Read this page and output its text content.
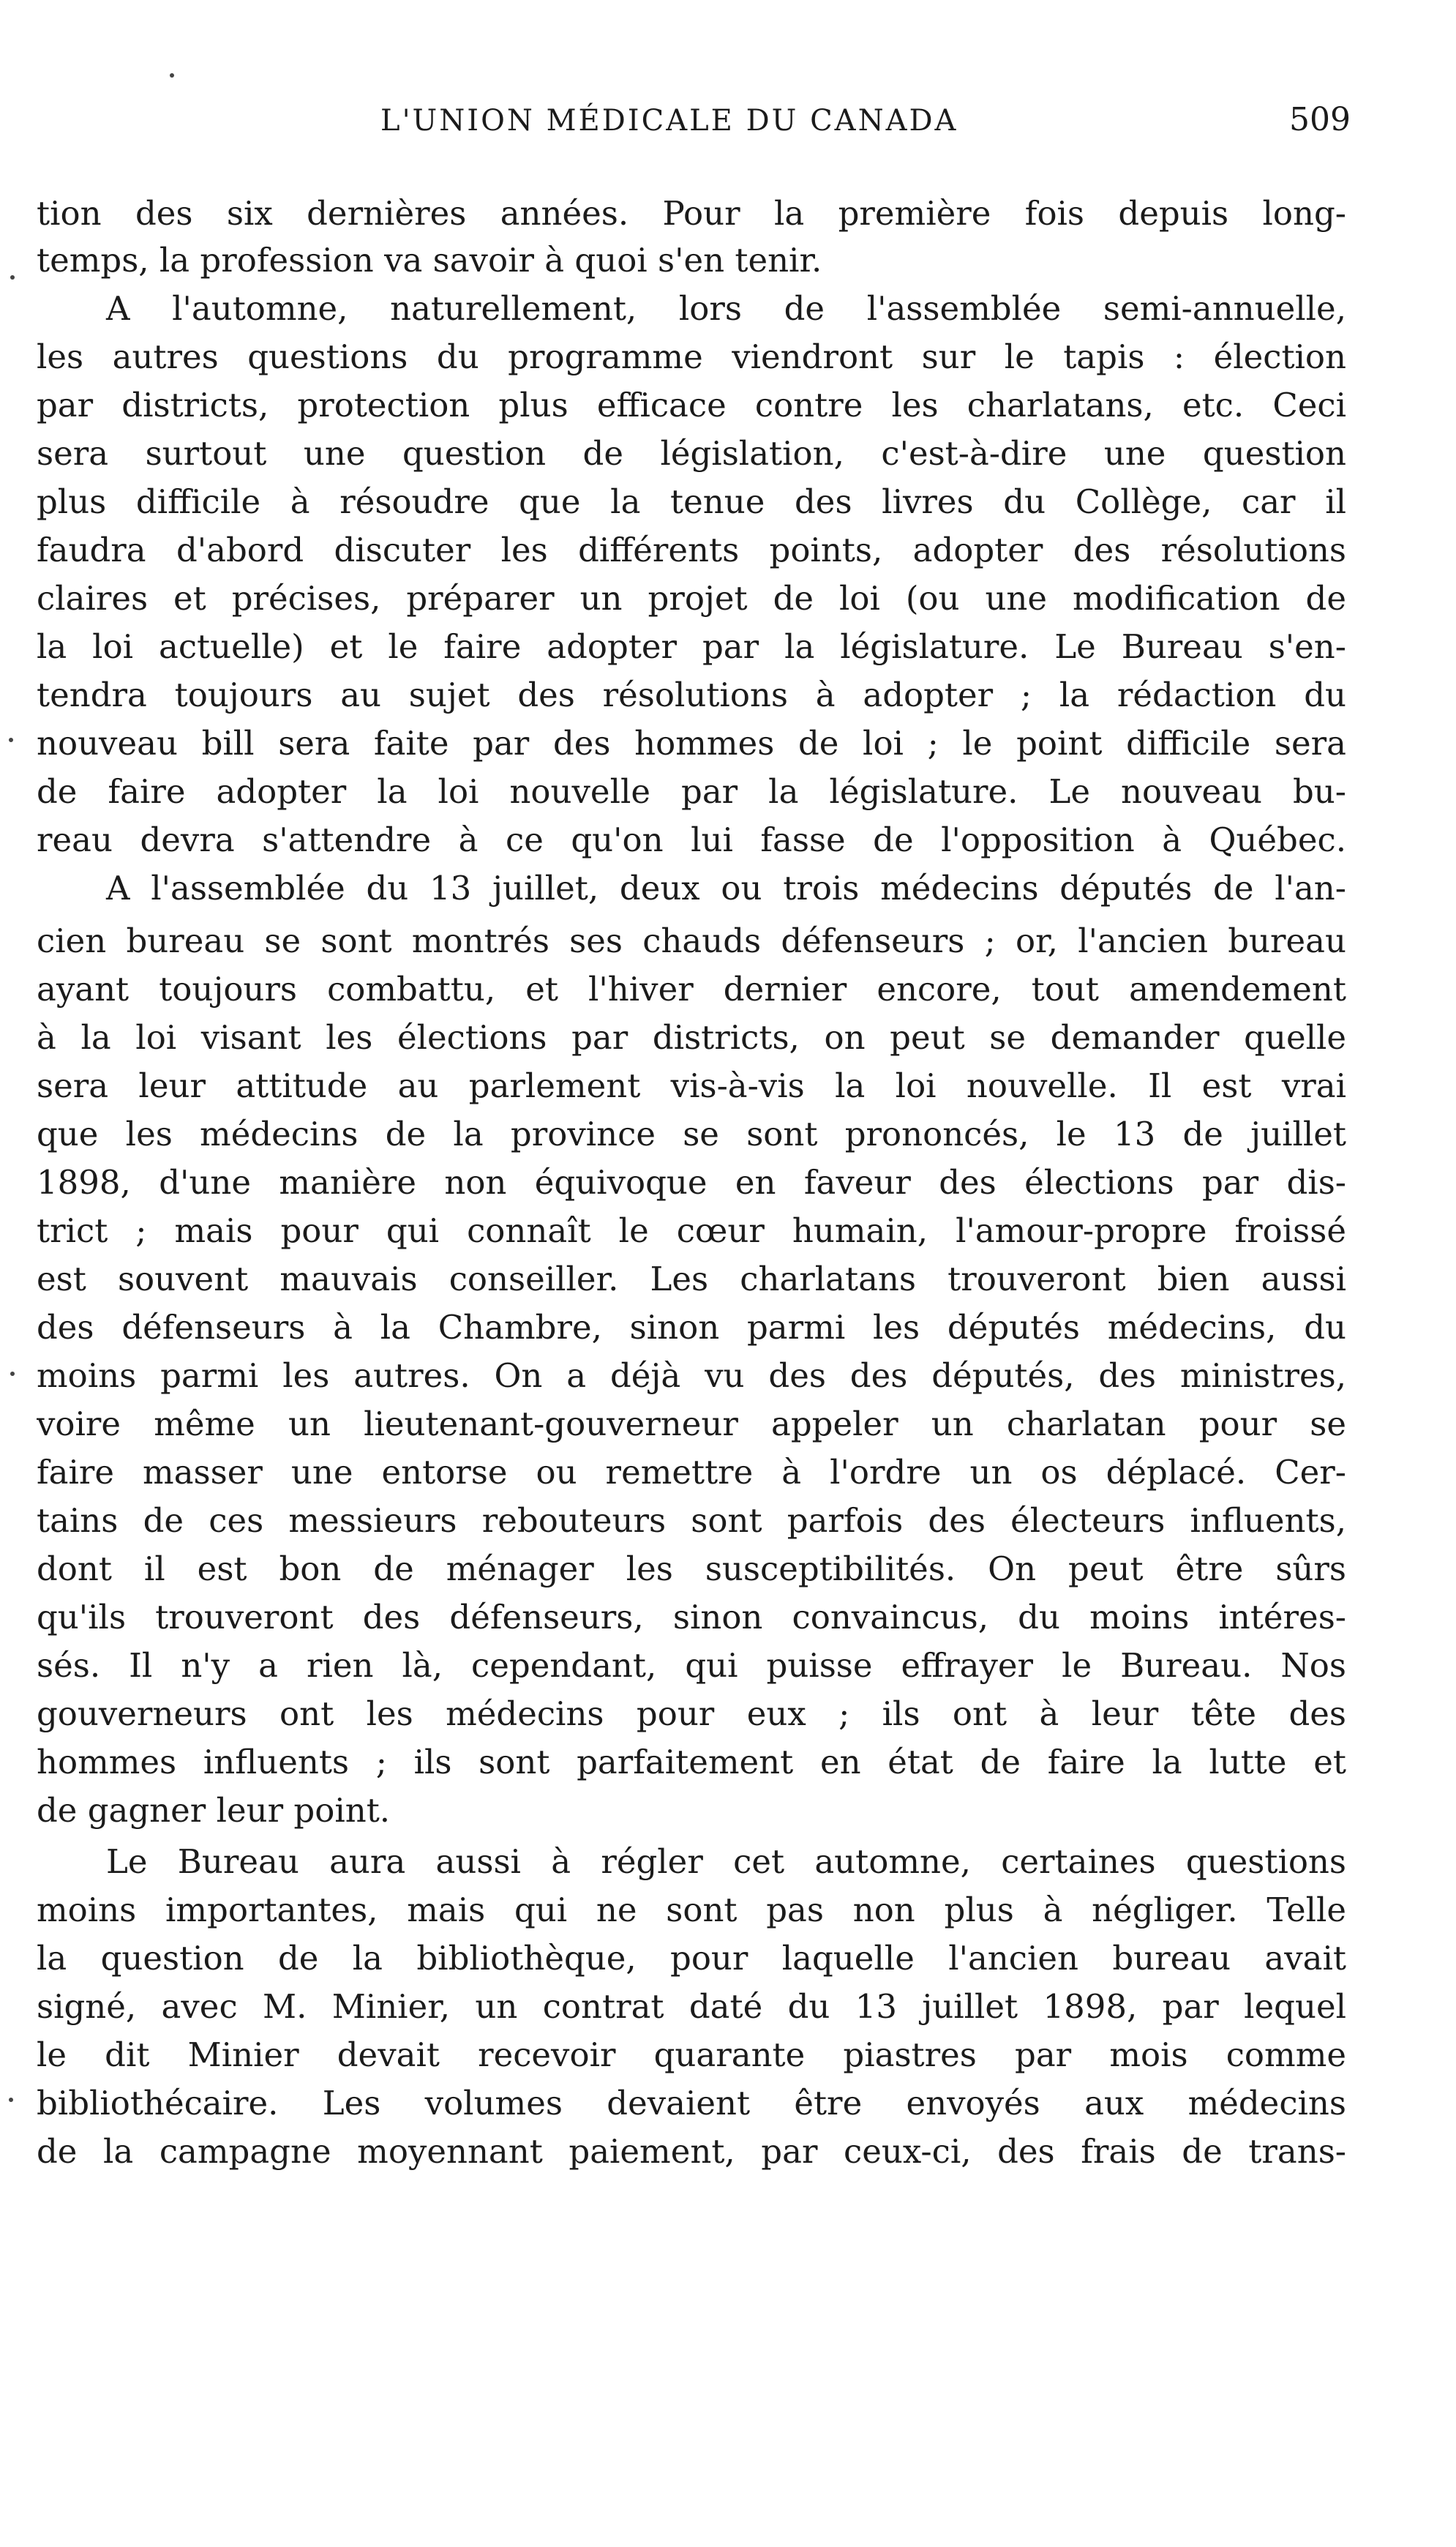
L'UNION MÉDICALE DU CANADA	509
tion des six dernières années. Pour la première fois depuis long-
temps, la profession va savoir à quoi s'en tenir.
A l'automne, naturellement, lors de l'assemblée semi-annuelle,
les autres questions du programme viendront sur le tapis : élection
par districts, protection plus efficace contre les charlatans, etc. Ceci
sera surtout une question de législation, c'est-à-dire une question
plus difficile à résoudre que la tenue des livres du Collège, car il
faudra d'abord discuter les différents points, adopter des résolutions
claires et précises, préparer un projet de loi (ou une modification de
la loi actuelle) et le faire adopter par la législature. Le Bureau s'en-
tendra toujours au sujet des résolutions à adopter ; la rédaction du
nouveau bill sera faite par des hommes de loi ; le point difficile sera
de faire adopter la loi nouvelle par la législature. Le nouveau bu-
reau devra s'attendre à ce qu'on lui fasse de l'opposition à Québec.
A l'assemblée du 13 juillet, deux ou trois médecins députés de l'an-
cien bureau se sont montrés ses chauds défenseurs ; or, l'ancien bureau
ayant toujours combattu, et l'hiver dernier encore, tout amendement
à la loi visant les élections par districts, on peut se demander quelle
sera leur attitude au parlement vis-à-vis la loi nouvelle. Il est vrai
que les médecins de la province se sont prononcés, le 13 de juillet
1898, d'une manière non équivoque en faveur des élections par dis-
trict ; mais pour qui connaît le cœur humain, l'amour-propre froissé
est souvent mauvais conseiller. Les charlatans trouveront bien aussi
des défenseurs à la Chambre, sinon parmi les députés médecins, du
moins parmi les autres. On a déjà vu des des députés, des ministres,
voire même un lieutenant-gouverneur appeler un charlatan pour se
faire masser une entorse ou remettre à l'ordre un os déplacé. Cer-
tains de ces messieurs rebouteurs sont parfois des électeurs influents,
dont il est bon de ménager les susceptibilités. On peut être sûrs
qu'ils trouveront des défenseurs, sinon convaincus, du moins intéres-
sés. Il n'y a rien là, cependant, qui puisse effrayer le Bureau. Nos
gouverneurs ont les médecins pour eux ; ils ont à leur tête des
hommes influents ; ils sont parfaitement en état de faire la lutte et
de gagner leur point.
Le Bureau aura aussi à régler cet automne, certaines questions
moins importantes, mais qui ne sont pas non plus à négliger. Telle
la question de la bibliothèque, pour laquelle l'ancien bureau avait
signé, avec M. Minier, un contrat daté du 13 juillet 1898, par lequel
le dit Minier devait recevoir quarante piastres par mois comme
bibliothécaire. Les volumes devaient être envoyés aux médecins
de la campagne moyennant paiement, par ceux-ci, des frais de trans-
